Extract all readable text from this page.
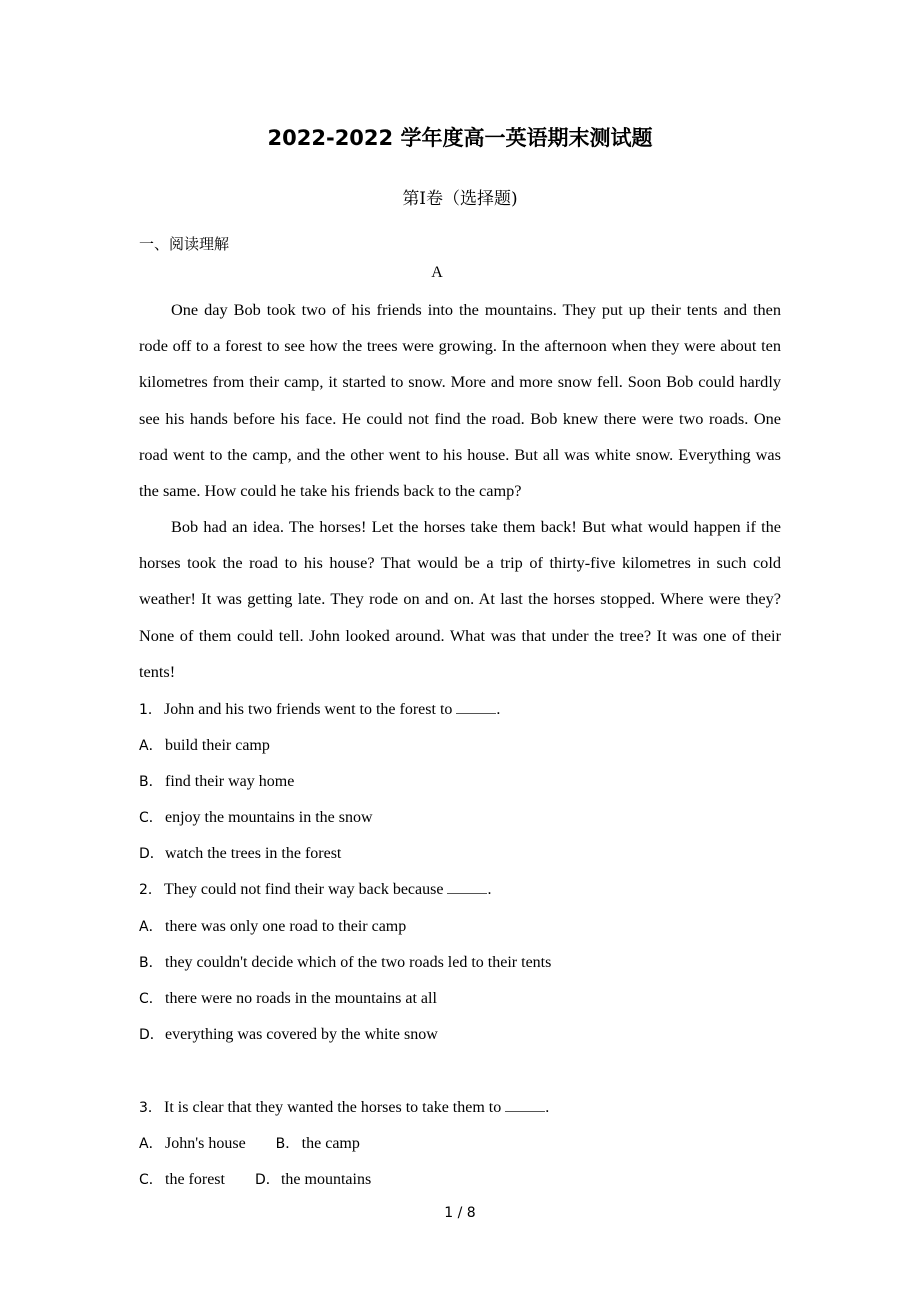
2022-2022 学年度高一英语期末测试题
第Ⅰ卷（选择题)
一、阅读理解
A
One day Bob took two of his friends into the mountains. They put up their tents and then rode off to a forest to see how the trees were growing. In the afternoon when they were about ten kilometres from their camp, it started to snow. More and more snow fell. Soon Bob could hardly see his hands before his face. He could not find the road. Bob knew there were two roads. One road went to the camp, and the other went to his house. But all was white snow. Everything was the same. How could he take his friends back to the camp?
Bob had an idea. The horses! Let the horses take them back! But what would happen if the horses took the road to his house? That would be a trip of thirty-five kilometres in such cold weather! It was getting late. They rode on and on. At last the horses stopped. Where were they? None of them could tell. John looked around. What was that under the tree? It was one of their tents!
1． John and his two friends went to the forest to	.
A． build their camp
B． find their way home
C． enjoy the mountains in the snow
D．watch the trees in the forest
2． They could not find their way back because	.
A． there was only one road to their camp
B． they couldn't decide which of the two roads led to their tents
C． there were no roads in the mountains at all
D．everything was covered by the white snow
3． It is clear that they wanted the horses to take them to	.
A． John's house B． the camp
C． the forest D．the mountains
1 / 8
